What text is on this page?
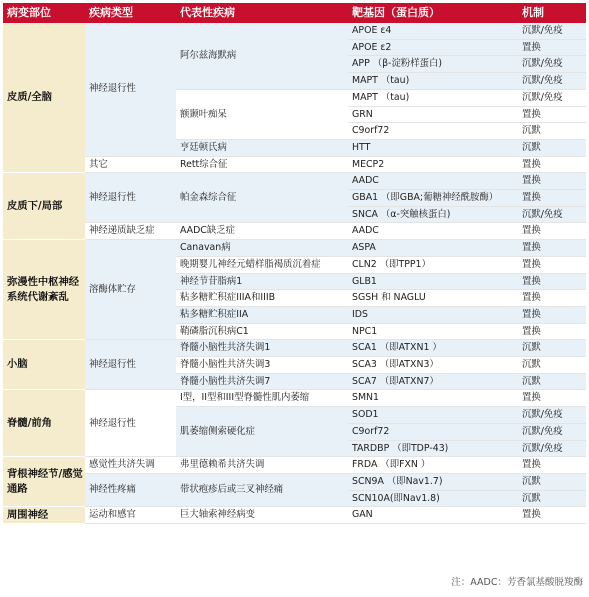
病变部位	疾病类型	代表性疾病	靶基因（蛋白质）	机制
皮质/全脑	神经退行性	阿尔兹海默病	APOE ε4	沉默/免疫
			APOE ε2	置换
			APP （β-淀粉样蛋白)	沉默/免疫
			MAPT （tau)	沉默/免疫
		额颞叶痴呆	MAPT （tau)	沉默/免疫
			GRN	置换
			C9orf72	沉默
		亨廷顿氏病	HTT	沉默
	其它	Rett综合征	MECP2	置换
皮质下/局部	神经退行性	帕金森综合征	AADC	置换
			GBA1 （即GBA;葡糖神经酰胺酶）	置换
			SNCA （α-突触核蛋白)	沉默/免疫
	神经递质缺乏症	AADC缺乏症	AADC	置换
弥漫性中枢神经系统代谢紊乱	溶酶体贮存	Canavan病	ASPA	置换
		晚期婴儿神经元蜡样脂褐质沉着症	CLN2 （即TPP1）	置换
		神经节苷脂病1	GLB1	置换
		粘多糖贮积症IIIA和IIIB	SGSH 和 NAGLU	置换
		粘多糖贮积症IIA	IDS	置换
		鞘磷脂沉积病C1	NPC1	置换
小脑	神经退行性	脊髓小脑性共济失调1	SCA1 （即ATXN1 ）	沉默
		脊髓小脑性共济失调3	SCA3 （即ATXN3）	沉默
		脊髓小脑性共济失调7	SCA7 （即ATXN7）	沉默
脊髓/前角	神经退行性	I型，II型和III型脊髓性肌内萎缩	SMN1	置换
		肌萎缩侧索硬化症	SOD1	沉默/免疫
			C9orf72	沉默/免疫
			TARDBP （即TDP-43)	沉默/免疫
背根神经节/感觉通路	感觉性共济失调	弗里德赖希共济失调	FRDA （即FXN ）	置换
	神经性疼痛	带状疱疹后或三叉神经痛	SCN9A （即Nav1.7)	沉默
			SCN10A(即Nav1.8)	沉默
周围神经	运动和感官	巨大轴索神经病变	GAN	置换
注：AADC：芳香氯基酸脱羧酶
